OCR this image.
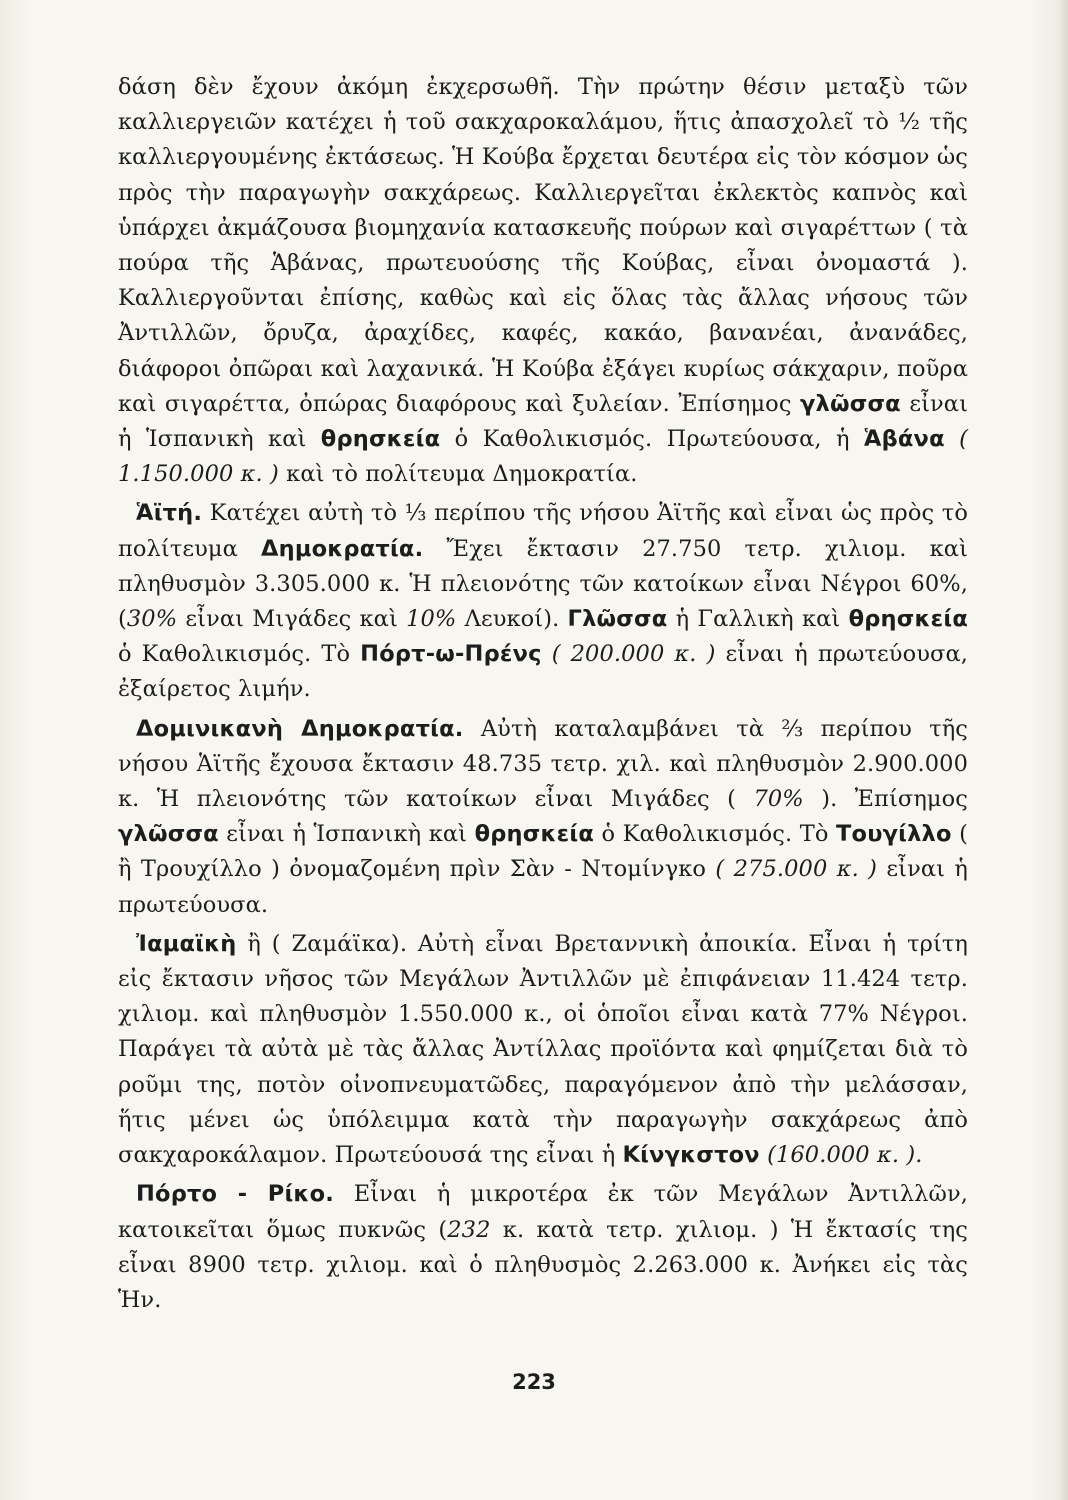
δάση δὲν ἔχουν ἀκόμη ἐκχερσωθῆ. Τὴν πρώτην θέσιν μεταξὺ τῶν καλλιεργειῶν κατέχει ἡ τοῦ σακχαροκαλάμου, ἥτις ἀπασχολεῖ τὸ ½ τῆς καλλιεργουμένης ἐκτάσεως. Ἡ Κούβα ἔρχεται δευτέρα εἰς τὸν κόσμον ὡς πρὸς τὴν παραγωγὴν σακχάρεως. Καλλιεργεῖται ἐκλεκτὸς καπνὸς καὶ ὑπάρχει ἀκμάζουσα βιομηχανία κατασκευῆς πούρων καὶ σιγαρέττων ( τὰ πούρα τῆς Ἁβάνας, πρωτευούσης τῆς Κούβας, εἶναι ὀνομαστά ). Καλλιεργοῦνται ἐπίσης, καθὼς καὶ εἰς ὅλας τὰς ἄλλας νήσους τῶν Ἀντιλλῶν, ὄρυζα, ἀραχίδες, καφές, κακάο, βανανέαι, ἀνανάδες, διάφοροι ὀπῶραι καὶ λαχανικά. Ἡ Κούβα ἐξάγει κυρίως σάκχαριν, ποῦρα καὶ σιγαρέττα, ὀπώρας διαφόρους καὶ ξυλείαν. Ἐπίσημος γλῶσσα εἶναι ἡ Ἱσπανικὴ καὶ θρησκεία ὁ Καθολικισμός. Πρωτεύουσα, ἡ Ἁβάνα ( 1.150.000 κ. ) καὶ τὸ πολίτευμα Δημοκρατία.

Ἁϊτή. Κατέχει αὐτὴ τὸ ⅓ περίπου τῆς νήσου Ἁϊτῆς καὶ εἶναι ὡς πρὸς τὸ πολίτευμα Δημοκρατία. Ἔχει ἔκτασιν 27.750 τετρ. χιλιομ. καὶ πληθυσμὸν 3.305.000 κ. Ἡ πλειονότης τῶν κατοίκων εἶναι Νέγροι 60%, (30% εἶναι Μιγάδες καὶ 10% Λευκοί). Γλῶσσα ἡ Γαλλικὴ καὶ θρησκεία ὁ Καθολικισμός. Τὸ Πόρτ-ω-Πρένς ( 200.000 κ. ) εἶναι ἡ πρωτεύουσα, ἐξαίρετος λιμήν.

Δομινικανὴ Δημοκρατία. Αὐτὴ καταλαμβάνει τὰ ⅔ περίπου τῆς νήσου Ἁϊτῆς ἔχουσα ἔκτασιν 48.735 τετρ. χιλ. καὶ πληθυσμὸν 2.900.000 κ. Ἡ πλειονότης τῶν κατοίκων εἶναι Μιγάδες ( 70% ). Ἐπίσημος γλῶσσα εἶναι ἡ Ἱσπανικὴ καὶ θρησκεία ὁ Καθολικισμός. Τὸ Τουγίλλο ( ἢ Τρουχίλλο ) ὀνομαζομένη πρὶν Σὰν - Ντομίνγκο ( 275.000 κ. ) εἶναι ἡ πρωτεύουσα.

Ἰαμαϊκὴ ἢ ( Ζαμάϊκα). Αὐτὴ εἶναι Βρεταννικὴ ἀποικία. Εἶναι ἡ τρίτη εἰς ἔκτασιν νῆσος τῶν Μεγάλων Ἀντιλλῶν μὲ ἐπιφάνειαν 11.424 τετρ. χιλιομ. καὶ πληθυσμὸν 1.550.000 κ., οἱ ὁποῖοι εἶναι κατὰ 77% Νέγροι. Παράγει τὰ αὐτὰ μὲ τὰς ἄλλας Ἀντίλλας προϊόντα καὶ φημίζεται διὰ τὸ ροῦμι της, ποτὸν οἰνοπνευματῶδες, παραγόμενον ἀπὸ τὴν μελάσσαν, ἥτις μένει ὡς ὑπόλειμμα κατὰ τὴν παραγωγὴν σακχάρεως ἀπὸ σακχαροκάλαμον. Πρωτεύουσά της εἶναι ἡ Κίνγκστον (160.000 κ. ).

Πόρτο - Ρίκο. Εἶναι ἡ μικροτέρα ἐκ τῶν Μεγάλων Ἀντιλλῶν, κατοικεῖται ὅμως πυκνῶς (232 κ. κατὰ τετρ. χιλιομ. ) Ἡ ἔκτασίς της εἶναι 8900 τετρ. χιλιομ. καὶ ὁ πληθυσμὸς 2.263.000 κ. Ἀνήκει εἰς τὰς Ἡν.

223
